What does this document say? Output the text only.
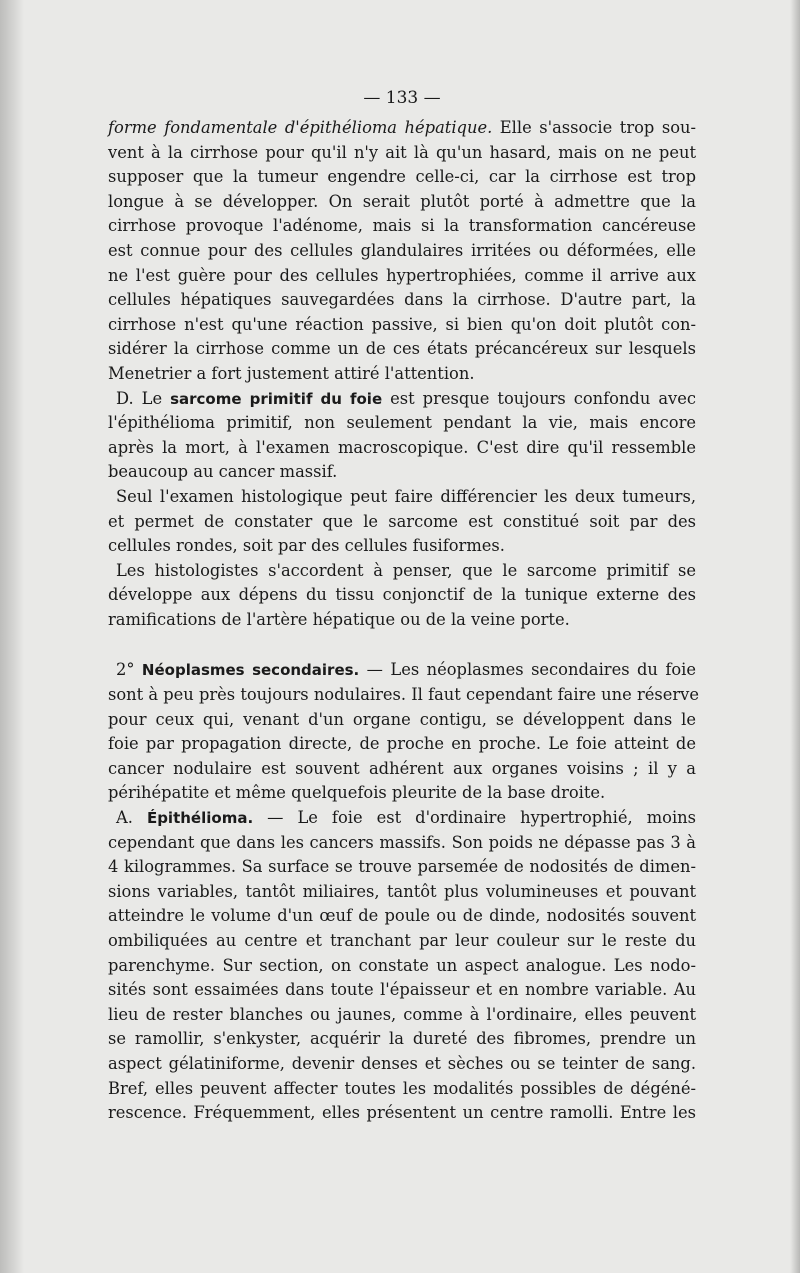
— 133 —
forme fondamentale d'épithélioma hépatique. Elle s'associe trop sou-
vent à la cirrhose pour qu'il n'y ait là qu'un hasard, mais on ne peut
supposer que la tumeur engendre celle-ci, car la cirrhose est trop
longue à se développer. On serait plutôt porté à admettre que la
cirrhose provoque l'adénome, mais si la transformation cancéreuse
est connue pour des cellules glandulaires irritées ou déformées, elle
ne l'est guère pour des cellules hypertrophiées, comme il arrive aux
cellules hépatiques sauvegardées dans la cirrhose. D'autre part, la
cirrhose n'est qu'une réaction passive, si bien qu'on doit plutôt con-
sidérer la cirrhose comme un de ces états précancéreux sur lesquels
Menetrier a fort justement attiré l'attention.
D. Le sarcome primitif du foie est presque toujours confondu avec
l'épithélioma primitif, non seulement pendant la vie, mais encore
après la mort, à l'examen macroscopique. C'est dire qu'il ressemble
beaucoup au cancer massif.
Seul l'examen histologique peut faire différencier les deux tumeurs,
et permet de constater que le sarcome est constitué soit par des
cellules rondes, soit par des cellules fusiformes.
Les histologistes s'accordent à penser, que le sarcome primitif se
développe aux dépens du tissu conjonctif de la tunique externe des
ramifications de l'artère hépatique ou de la veine porte.
2° Néoplasmes secondaires. — Les néoplasmes secondaires du foie
sont à peu près toujours nodulaires. Il faut cependant faire une réserve
pour ceux qui, venant d'un organe contigu, se développent dans le
foie par propagation directe, de proche en proche. Le foie atteint de
cancer nodulaire est souvent adhérent aux organes voisins ; il y a
périhépatite et même quelquefois pleurite de la base droite.
A. Épithélioma. — Le foie est d'ordinaire hypertrophié, moins
cependant que dans les cancers massifs. Son poids ne dépasse pas 3 à
4 kilogrammes. Sa surface se trouve parsemée de nodosités de dimen-
sions variables, tantôt miliaires, tantôt plus volumineuses et pouvant
atteindre le volume d'un œuf de poule ou de dinde, nodosités souvent
ombiliquées au centre et tranchant par leur couleur sur le reste du
parenchyme. Sur section, on constate un aspect analogue. Les nodo-
sités sont essaimées dans toute l'épaisseur et en nombre variable. Au
lieu de rester blanches ou jaunes, comme à l'ordinaire, elles peuvent
se ramollir, s'enkyster, acquérir la dureté des fibromes, prendre un
aspect gélatiniforme, devenir denses et sèches ou se teinter de sang.
Bref, elles peuvent affecter toutes les modalités possibles de dégéné-
rescence. Fréquemment, elles présentent un centre ramolli. Entre les
